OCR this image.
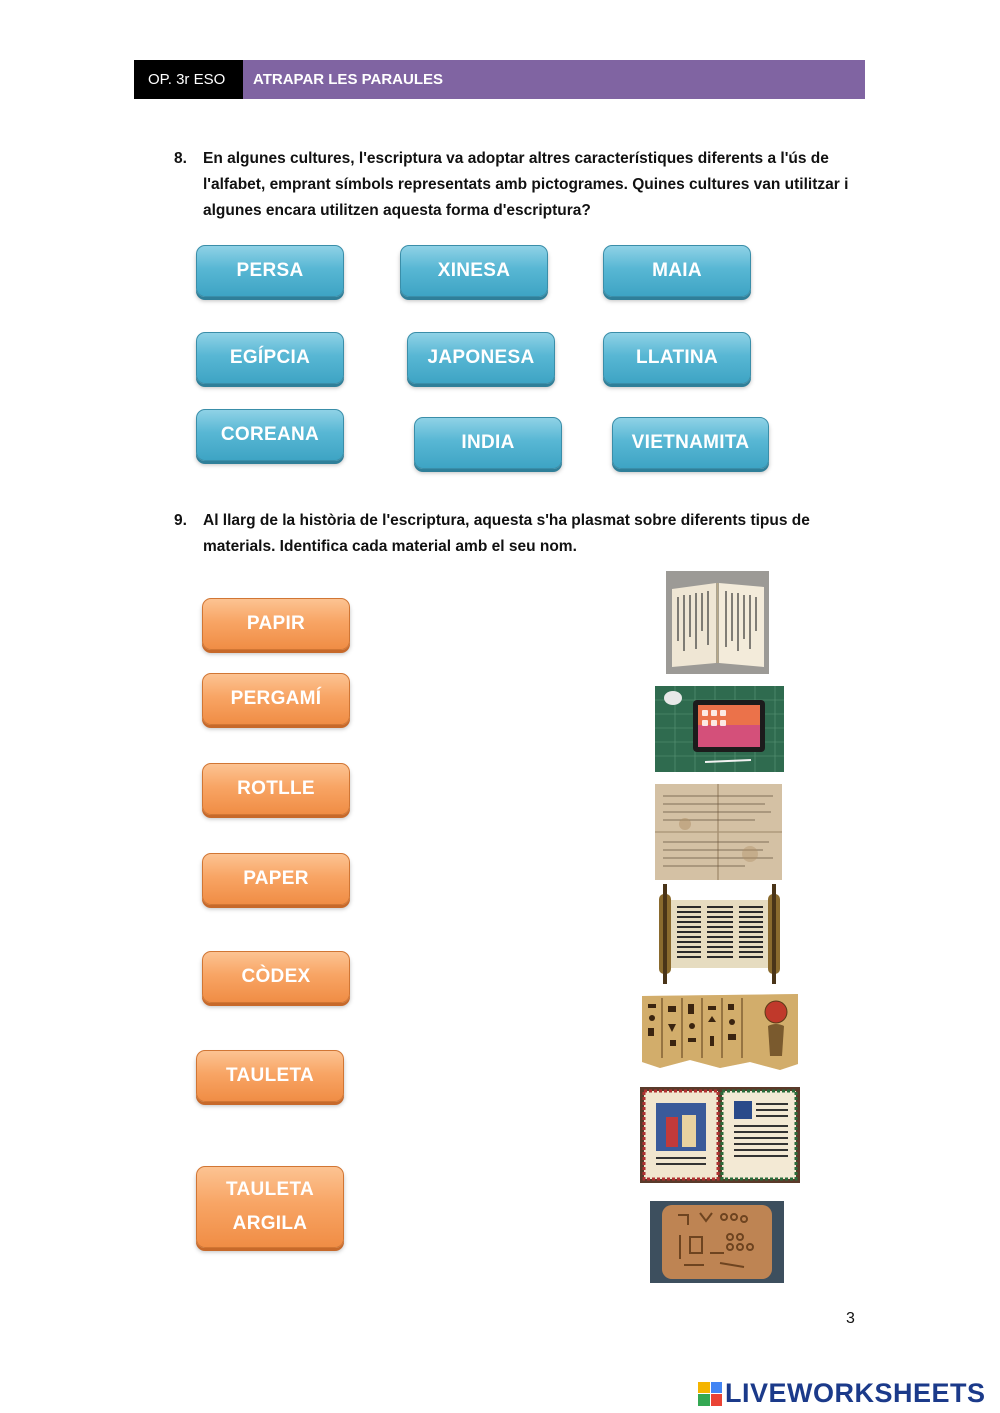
OP. 3r ESO	ATRAPAR LES PARAULES
8.	En algunes cultures, l'escriptura va adoptar altres característiques diferents a l'ús de l'alfabet, emprant símbols representats amb pictogrames. Quines cultures van utilitzar i algunes encara utilitzen aquesta forma d'escriptura?
PERSA	XINESA	MAIA
EGÍPCIA	JAPONESA	LLATINA
COREANA	INDIA	VIETNAMITA
9.	Al llarg de la història de l'escriptura, aquesta s'ha plasmat sobre diferents tipus de materials. Identifica cada material amb el seu nom.
PAPIR
PERGAMÍ
ROTLLE
PAPER
CÒDEX
TAULETA
TAULETA
ARGILA
3
LIVEWORKSHEETS
